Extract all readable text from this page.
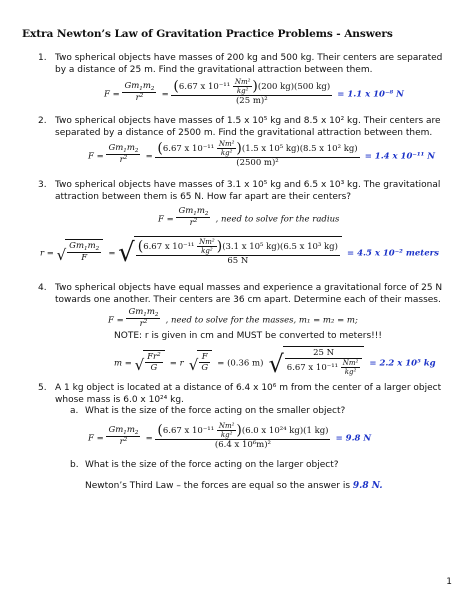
Extra Newton’s Law of Gravitation Practice Problems - Answers
1. Two spherical objects have masses of 200 kg and 500 kg. Their centers are separated by a distance of 25 m. Find the gravitational attraction between them.
$F = \frac{Gm_1m_2}{r^2} = \frac{(6.67 x 10^{-11} \frac{\text{Nm²}}{\text{kg²}} )(200 kg)(500 kg)}{\text{(25 m)²}} = 1.1$ x 10⁻⁸ N
2. Two spherical objects have masses of 1.5 x 10⁵ kg and 8.5 x 10² kg. Their centers are separated by a distance of 2500 m. Find the gravitational attraction between them.
$F = \frac{Gm_1m_2}{r^2} = \frac{(6.67 x 10^{-11} \frac{\text{Nm²}}{\text{kg²}} )(1.5 x 10^5 kg)(8.5 x 10^2 kg)}{\text{(2500 m)²}} = 1.4$ x 10⁻¹¹ N
3. Two spherical objects have masses of 3.1 x 10⁵ kg and 6.5 x 10³ kg. The gravitational attraction between them is 65 N. How far apart are their centers?
$F = \frac{Gm_1m_2}{r^2}$ , need to solve for the radius
r = √ $\frac{Gm_1m_2}{F}$ = √ $\frac{(6.67 x 10^{-11} \frac{\text{Nm²}}{\text{kg²}} )(3.1 x 10^5 kg)(6.5 x 10^3 kg)}{65 N} = 4.5$ x 10⁻² meters
4. Two spherical objects have equal masses and experience a gravitational force of 25 N towards one another. Their centers are 36 cm apart. Determine each of their masses.
$F = \frac{Gm_1m_2}{r^2}$ , need to solve for the masses, m₁ = m₂ = m;
NOTE: r is given in cm and MUST be converted to meters!!!
m = √ $\frac{Fr^2}{G} = r$ √ $\frac{F}{G} = (0.36$ m) √ $\frac{25 N}{6.67 x 10^{-11} \frac{\text{Nm²}}{\text{kg²}}} = 2.2$ x 10⁵ kg
5. A 1 kg object is located at a distance of 6.4 x 10⁶ m from the center of a larger object whose mass is 6.0 x 10²⁴ kg.
a. What is the size of the force acting on the smaller object?
$F = \frac{Gm_1m_2}{r^2} = \frac{(6.67 x 10^{-11} \frac{\text{Nm²}}{\text{kg²}} )(6.0 x 10^{24} kg)(1 kg)}{\text{(6.4 x 10⁶m)²}} = 9.8$ N
b. What is the size of the force acting on the larger object?
Newton’s Third Law – the forces are equal so the answer is 9.8 N.
1
